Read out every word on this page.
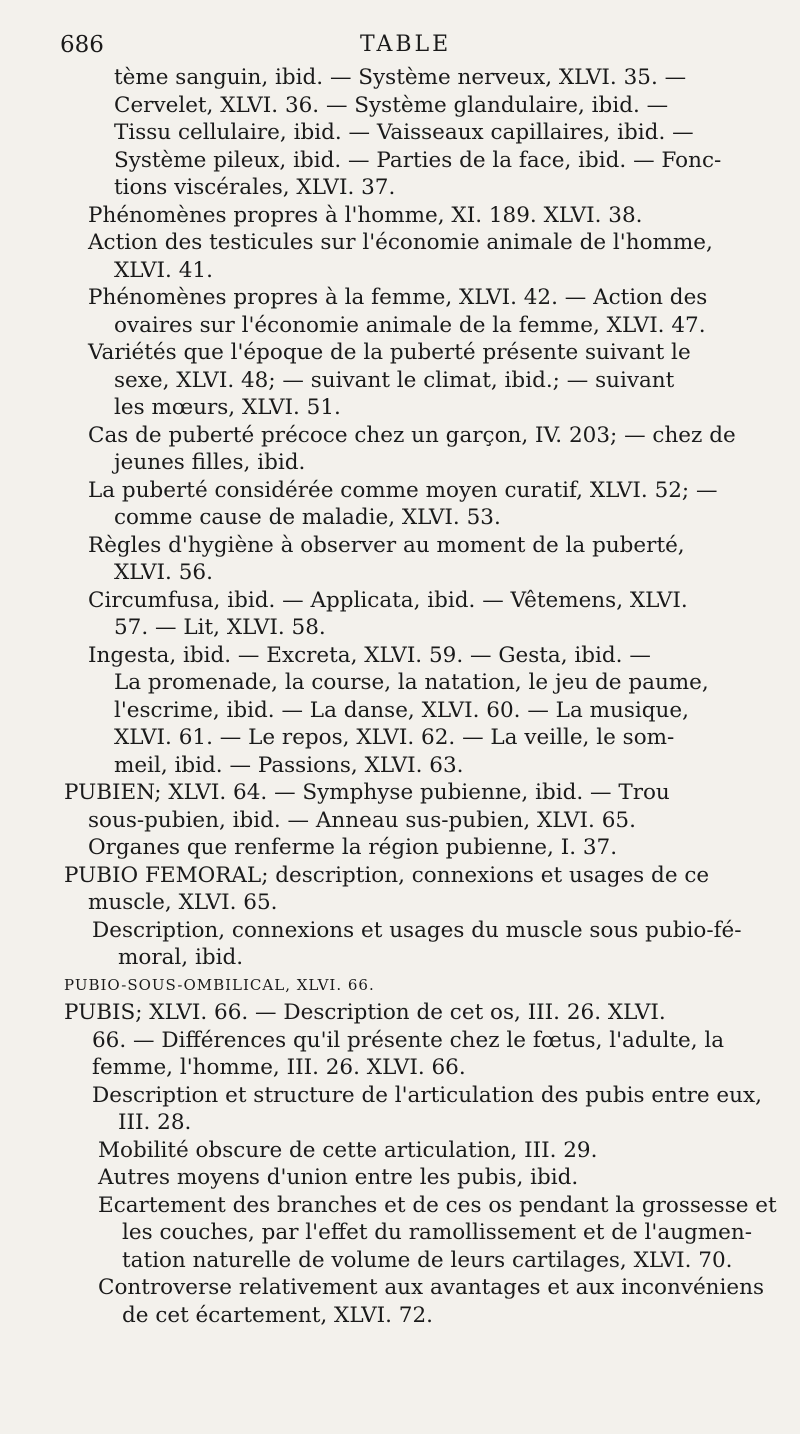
686	TABLE
tème sanguin, ibid. — Système nerveux, XLVI. 35. —
Cervelet, XLVI. 36. — Système glandulaire, ibid. —
Tissu cellulaire, ibid. — Vaisseaux capillaires, ibid. —
Système pileux, ibid. — Parties de la face, ibid. — Fonc-
tions viscérales, XLVI. 37.
Phénomènes propres à l'homme, XI. 189. XLVI. 38.
Action des testicules sur l'économie animale de l'homme,
XLVI. 41.
Phénomènes propres à la femme, XLVI. 42. — Action des
ovaires sur l'économie animale de la femme, XLVI. 47.
Variétés que l'époque de la puberté présente suivant le
sexe, XLVI. 48; — suivant le climat, ibid.; — suivant
les mœurs, XLVI. 51.
Cas de puberté précoce chez un garçon, IV. 203; — chez de
jeunes filles, ibid.
La puberté considérée comme moyen curatif, XLVI. 52; —
comme cause de maladie, XLVI. 53.
Règles d'hygiène à observer au moment de la puberté,
XLVI. 56.
Circumfusa, ibid. — Applicata, ibid. — Vêtemens, XLVI.
57. — Lit, XLVI. 58.
Ingesta, ibid. — Excreta, XLVI. 59. — Gesta, ibid. —
La promenade, la course, la natation, le jeu de paume,
l'escrime, ibid. — La danse, XLVI. 60. — La musique,
XLVI. 61. — Le repos, XLVI. 62. — La veille, le som-
meil, ibid. — Passions, XLVI. 63.
PUBIEN; XLVI. 64. — Symphyse pubienne, ibid. — Trou
sous-pubien, ibid. — Anneau sus-pubien, XLVI. 65.
Organes que renferme la région pubienne, I. 37.
PUBIO FEMORAL; description, connexions et usages de ce
muscle, XLVI. 65.
Description, connexions et usages du muscle sous pubio-fé-
moral, ibid.
PUBIO-SOUS-OMBILICAL, XLVI. 66.
PUBIS; XLVI. 66. — Description de cet os, III. 26. XLVI.
66. — Différences qu'il présente chez le fœtus, l'adulte, la
femme, l'homme, III. 26. XLVI. 66.
Description et structure de l'articulation des pubis entre eux,
III. 28.
Mobilité obscure de cette articulation, III. 29.
Autres moyens d'union entre les pubis, ibid.
Ecartement des branches et de ces os pendant la grossesse et
les couches, par l'effet du ramollissement et de l'augmen-
tation naturelle de volume de leurs cartilages, XLVI. 70.
Controverse relativement aux avantages et aux inconvéniens
de cet écartement, XLVI. 72.
